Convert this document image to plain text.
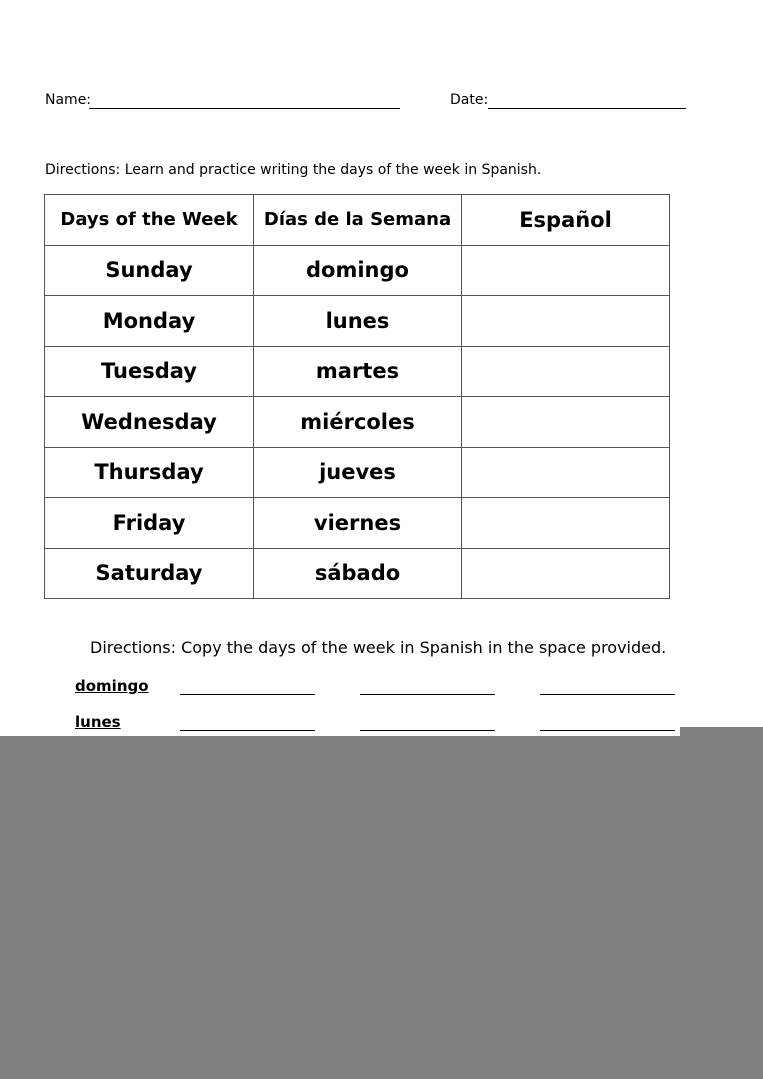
Name:	Date:
Directions: Learn and practice writing the days of the week in Spanish.
Days of the Week	Días de la Semana	Español
Sunday	domingo	
Monday	lunes	
Tuesday	martes	
Wednesday	miércoles	
Thursday	jueves	
Friday	viernes	
Saturday	sábado	
Directions: Copy the days of the week in Spanish in the space provided.
domingo
lunes
